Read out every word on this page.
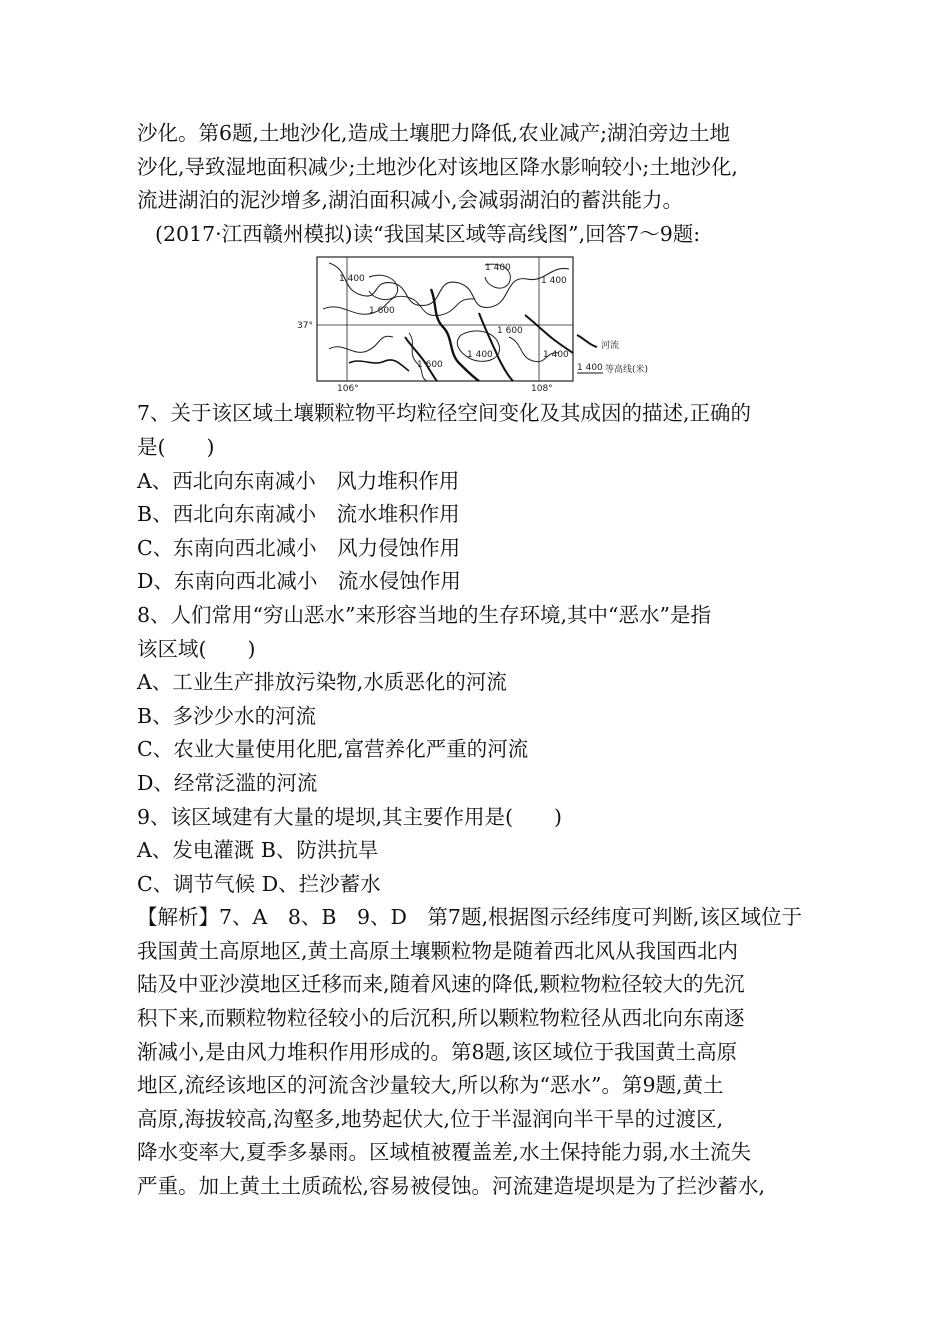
沙化。第6题,土地沙化,造成土壤肥力降低,农业减产;湖泊旁边土地
沙化,导致湿地面积减少;土地沙化对该地区降水影响较小;土地沙化,
流进湖泊的泥沙增多,湖泊面积减小,会减弱湖泊的蓄洪能力。
(2017·江西赣州模拟)读“我国某区域等高线图”,回答7～9题:
1 400
1 400
1 600
1 600
1 400
1 600
1 400
1 400
37°
106°	108°
河流
1 400 等高线(米)
7、关于该区域土壤颗粒物平均粒径空间变化及其成因的描述,正确的
是(　　)
A、西北向东南减小　风力堆积作用
B、西北向东南减小　流水堆积作用
C、东南向西北减小　风力侵蚀作用
D、东南向西北减小　流水侵蚀作用
8、人们常用“穷山恶水”来形容当地的生存环境,其中“恶水”是指
该区域(　　)
A、工业生产排放污染物,水质恶化的河流
B、多沙少水的河流
C、农业大量使用化肥,富营养化严重的河流
D、经常泛滥的河流
9、该区域建有大量的堤坝,其主要作用是(　　)
A、发电灌溉 B、防洪抗旱
C、调节气候 D、拦沙蓄水
【解析】7、A　8、B　9、D　第7题,根据图示经纬度可判断,该区域位于
我国黄土高原地区,黄土高原土壤颗粒物是随着西北风从我国西北内
陆及中亚沙漠地区迁移而来,随着风速的降低,颗粒物粒径较大的先沉
积下来,而颗粒物粒径较小的后沉积,所以颗粒物粒径从西北向东南逐
渐减小,是由风力堆积作用形成的。第8题,该区域位于我国黄土高原
地区,流经该地区的河流含沙量较大,所以称为“恶水”。第9题,黄土
高原,海拔较高,沟壑多,地势起伏大,位于半湿润向半干旱的过渡区,
降水变率大,夏季多暴雨。区域植被覆盖差,水土保持能力弱,水土流失
严重。加上黄土土质疏松,容易被侵蚀。河流建造堤坝是为了拦沙蓄水,
